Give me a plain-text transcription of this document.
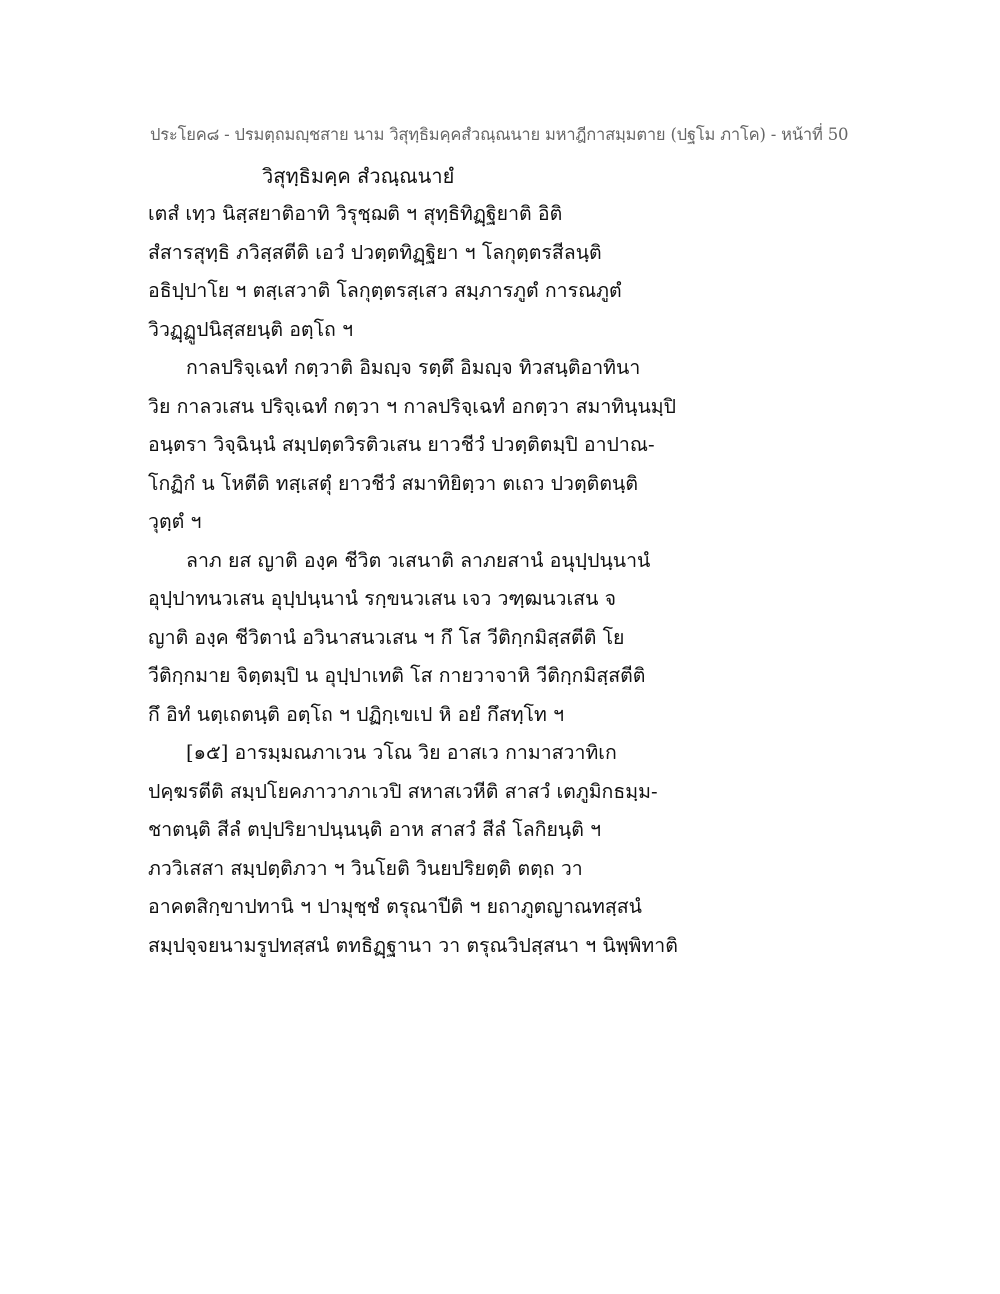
ประโยค๘ - ปรมตฺถมญฺชสาย นาม วิสุทฺธิมคฺคสํวณฺณนาย มหาฎีกาสมฺมตาย (ปฐโม ภาโค) - หน้าที่ 50
วิสุทฺธิมคฺค สํวณฺณนายํ
เตสํ เทฺว นิสฺสยาติอาทิ วิรุชฺฌติ ฯ สุทฺธิทิฏฺฐิยาติ อิติ
สํสารสุทฺธิ ภวิสฺสตีติ เอวํ ปวตฺตทิฏฺฐิยา ฯ โลกุตฺตรสีลนฺติ
อธิปฺปาโย ฯ ตสฺเสวาติ โลกุตฺตรสฺเสว สมฺภารภูตํ การณภูตํ
วิวฏฺฏูปนิสฺสยนฺติ อตฺโถ ฯ
กาลปริจฺเฉทํ กตฺวาติ อิมญฺจ รตฺตึ อิมญฺจ ทิวสนฺติอาทินา
วิย กาลวเสน ปริจฺเฉทํ กตฺวา ฯ กาลปริจฺเฉทํ อกตฺวา สมาทินฺนมฺปิ
อนฺตรา วิจฺฉินฺนํ สมฺปตฺตวิรติวเสน ยาวชีวํ ปวตฺติตมฺปิ อาปาณ-
โกฏิกํ น โหตีติ ทสฺเสตุํ ยาวชีวํ สมาทิยิตฺวา ตเถว ปวตฺติตนฺติ
วุตฺตํ ฯ
ลาภ ยส ญาติ องฺค ชีวิต วเสนาติ ลาภยสานํ อนุปฺปนฺนานํ
อุปฺปาทนวเสน อุปฺปนฺนานํ รกฺขนวเสน เจว วฑฺฒนวเสน จ
ญาติ องฺค ชีวิตานํ อวินาสนวเสน ฯ กึ โส วีติกฺกมิสฺสตีติ โย
วีติกฺกมาย จิตฺตมฺปิ น อุปฺปาเทติ โส กายวาจาหิ วีติกฺกมิสฺสตีติ
กึ อิทํ นตฺเถตนฺติ อตฺโถ ฯ ปฏิกฺเขเป หิ อยํ กึสทฺโท ฯ
[๑๕] อารมฺมณภาเวน วโณ วิย อาสเว กามาสวาทิเก
ปคฺฆรตีติ สมฺปโยคภาวาภาเวปิ สหาสเวหีติ สาสวํ เตภูมิกธมฺม-
ชาตนฺติ สีลํ ตปฺปริยาปนฺนนฺติ อาห สาสวํ สีลํ โลกิยนฺติ ฯ
ภววิเสสา สมฺปตฺติภวา ฯ วินโยติ วินยปริยตฺติ ตตฺถ วา
อาคตสิกฺขาปทานิ ฯ ปามุชฺชํ ตรุณาปีติ ฯ ยถาภูตญาณทสฺสนํ
สมฺปจฺจยนามรูปทสฺสนํ ตทธิฏฺฐานา วา ตรุณวิปสฺสนา ฯ นิพฺพิทาติ
